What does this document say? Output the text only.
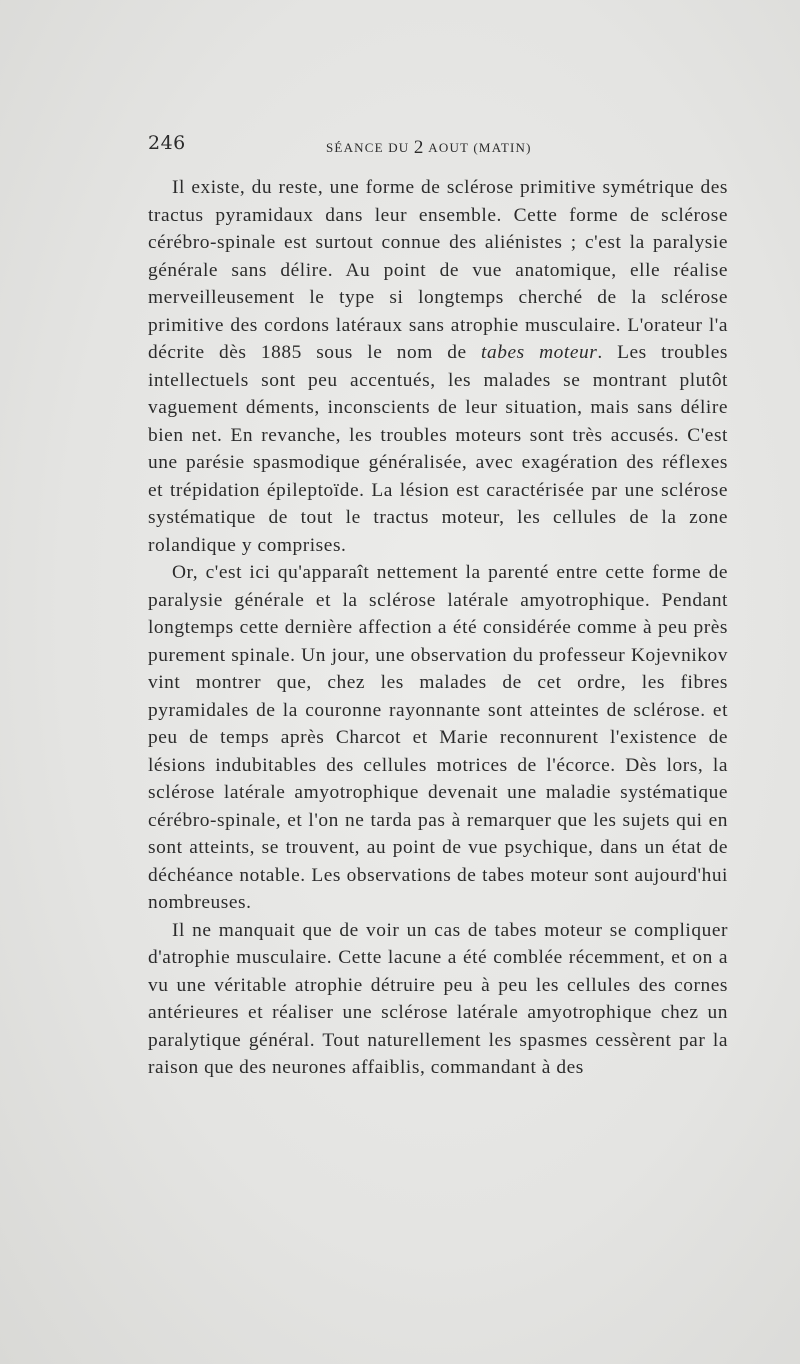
246	SÉANCE DU 2 AOUT (MATIN)

Il existe, du reste, une forme de sclérose primitive symétrique des tractus pyramidaux dans leur ensemble. Cette forme de sclérose cérébro-spinale est surtout connue des aliénistes ; c'est la paralysie générale sans délire. Au point de vue anatomique, elle réalise merveilleusement le type si longtemps cherché de la sclérose primitive des cordons latéraux sans atrophie musculaire. L'orateur l'a décrite dès 1885 sous le nom de tabes moteur. Les troubles intellectuels sont peu accentués, les malades se montrant plutôt vaguement déments, inconscients de leur situation, mais sans délire bien net. En revanche, les troubles moteurs sont très accusés. C'est une parésie spasmodique généralisée, avec exagération des réflexes et trépidation épileptoïde. La lésion est caractérisée par une sclérose systématique de tout le tractus moteur, les cellules de la zone rolandique y comprises.

Or, c'est ici qu'apparaît nettement la parenté entre cette forme de paralysie générale et la sclérose latérale amyotrophique. Pendant longtemps cette dernière affection a été considérée comme à peu près purement spinale. Un jour, une observation du professeur Kojevnikov vint montrer que, chez les malades de cet ordre, les fibres pyramidales de la couronne rayonnante sont atteintes de sclérose. et peu de temps après Charcot et Marie reconnurent l'existence de lésions indubitables des cellules motrices de l'écorce. Dès lors, la sclérose latérale amyotrophique devenait une maladie systématique cérébro-spinale, et l'on ne tarda pas à remarquer que les sujets qui en sont atteints, se trouvent, au point de vue psychique, dans un état de déchéance notable. Les observations de tabes moteur sont aujourd'hui nombreuses.

Il ne manquait que de voir un cas de tabes moteur se compliquer d'atrophie musculaire. Cette lacune a été comblée récemment, et on a vu une véritable atrophie détruire peu à peu les cellules des cornes antérieures et réaliser une sclérose latérale amyotrophique chez un paralytique général. Tout naturellement les spasmes cessèrent par la raison que des neurones affaiblis, commandant à des
